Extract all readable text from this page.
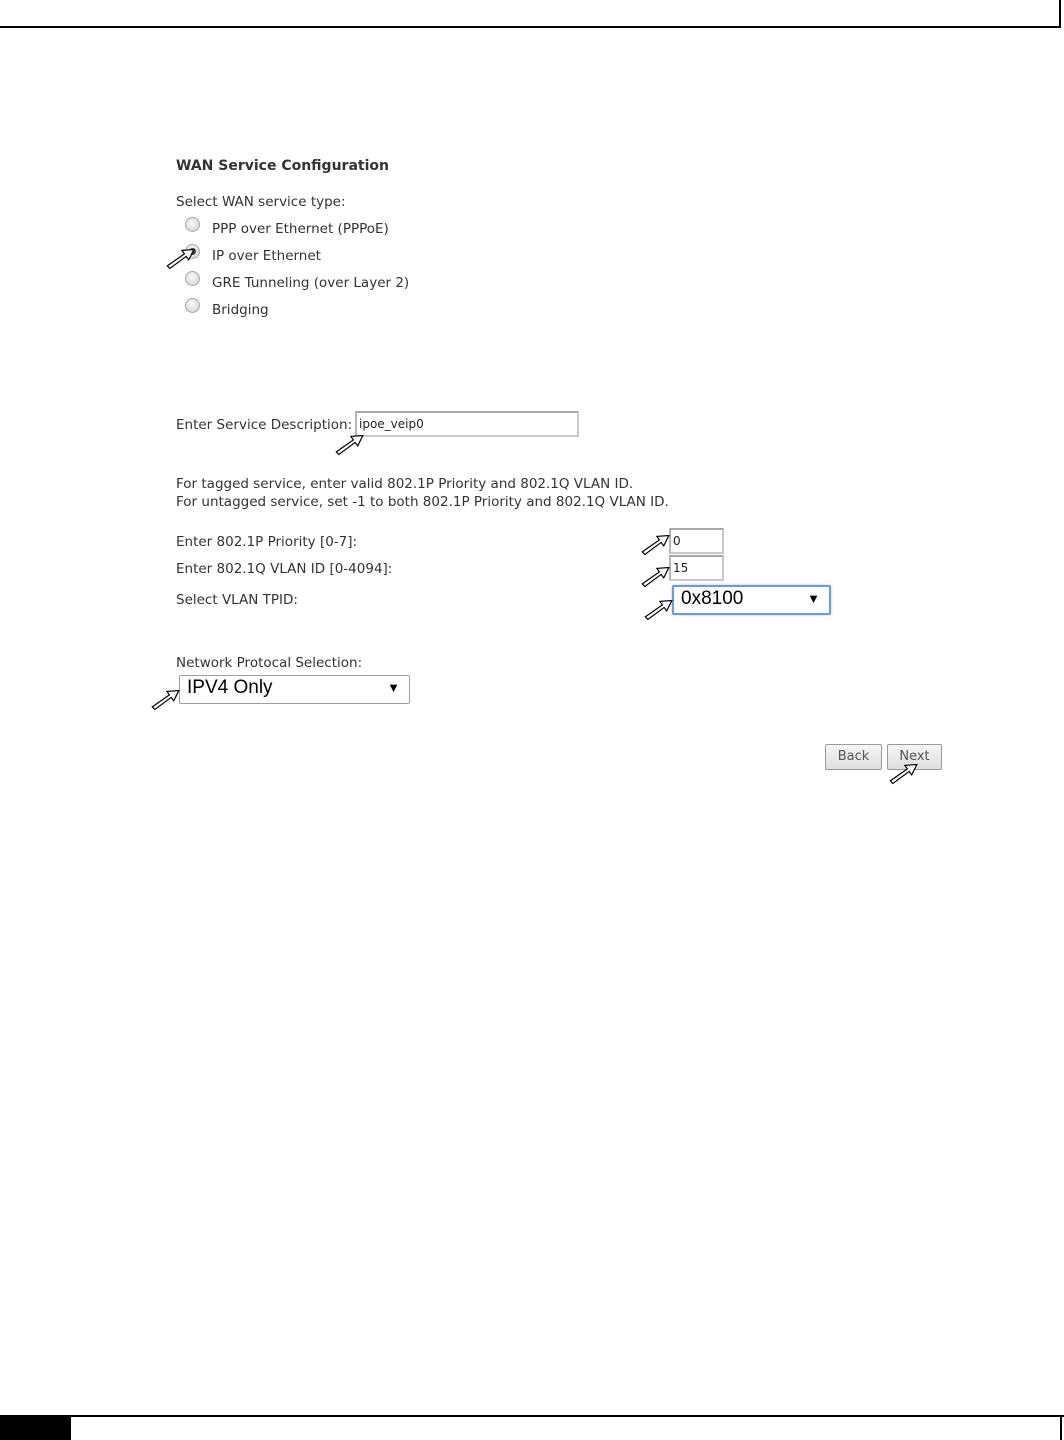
WAN Service Configuration
Select WAN service type:
PPP over Ethernet (PPPoE)
IP over Ethernet
GRE Tunneling (over Layer 2)
Bridging
Enter Service Description: ipoe_veip0
For tagged service, enter valid 802.1P Priority and 802.1Q VLAN ID.
For untagged service, set -1 to both 802.1P Priority and 802.1Q VLAN ID.
Enter 802.1P Priority [0-7]:	0
Enter 802.1Q VLAN ID [0-4094]:	15
Select VLAN TPID:	0x8100	▼
Network Protocal Selection:
IPV4 Only	▼
Back	Next
